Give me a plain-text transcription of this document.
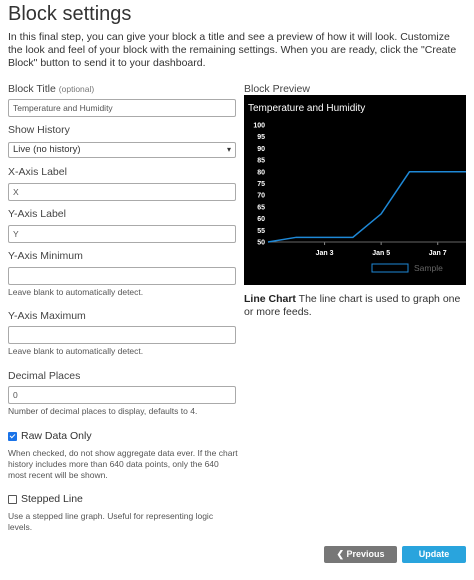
Block settings
In this final step, you can give your block a title and see a preview of how it will look. Customize the look and feel of your block with the remaining settings. When you are ready, click the "Create Block" button to send it to your dashboard.
Block Title (optional)
Temperature and Humidity
Show History
Live (no history)	▾
X-Axis Label
X
Y-Axis Label
Y
Y-Axis Minimum
Leave blank to automatically detect.
Y-Axis Maximum
Leave blank to automatically detect.
Decimal Places
0
Number of decimal places to display, defaults to 4.
Raw Data Only
When checked, do not show aggregate data ever. If the chart history includes more than 640 data points, only the 640 most recent will be shown.
Stepped Line
Use a stepped line graph. Useful for representing logic levels.
Block Preview
Temperature and Humidity
50
55
60
65
70
75
80
85
90
95
100
Jan 3	Jan 5	Jan 7
Sample
Line Chart The line chart is used to graph one or more feeds.
❮ Previous step
Update block
